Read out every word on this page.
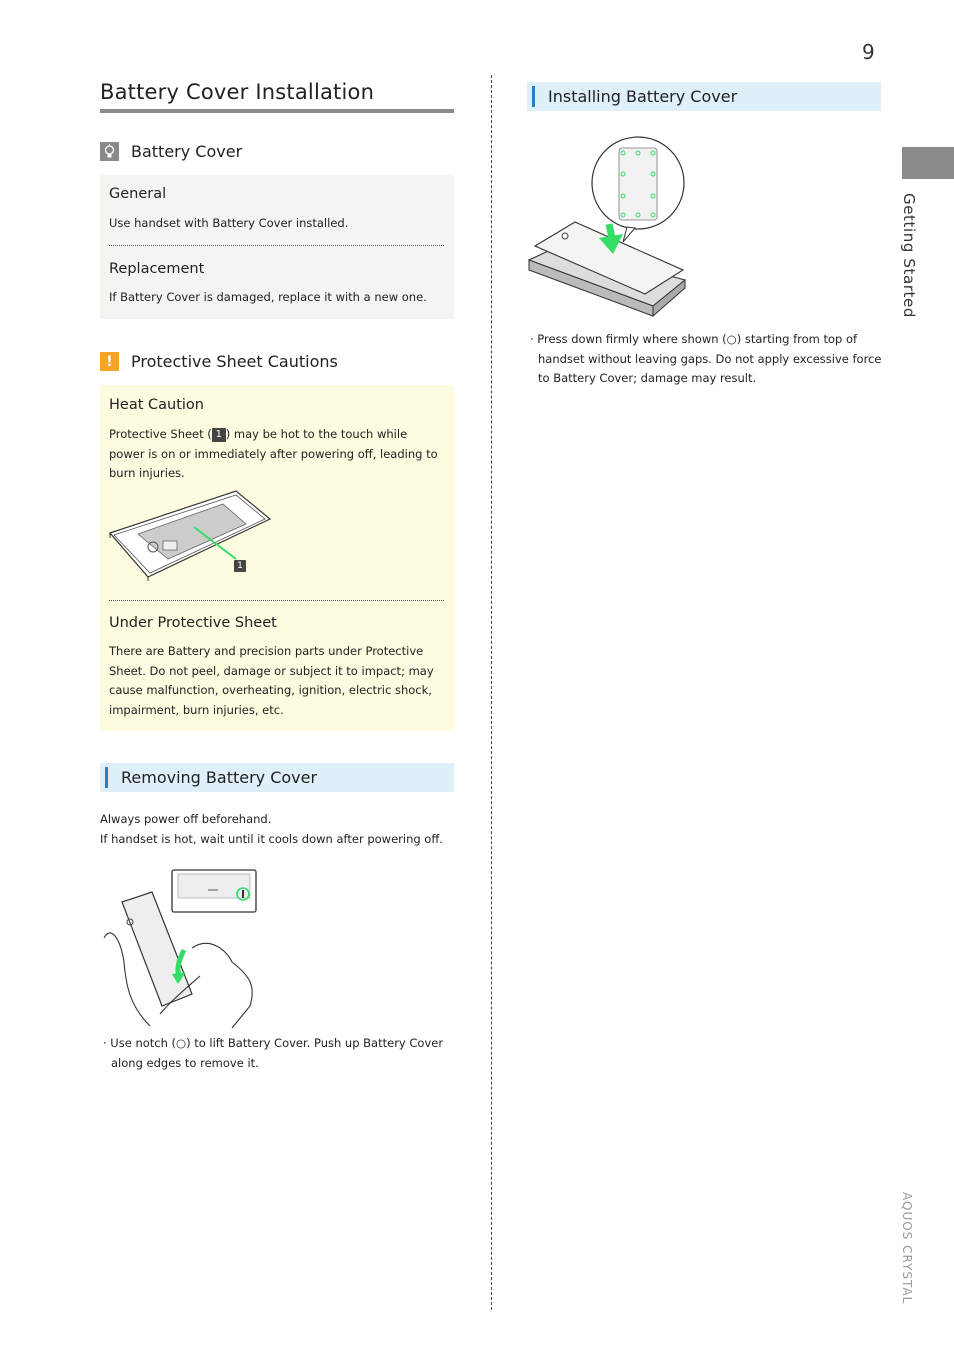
9
Battery Cover Installation
Getting Started
AQUOS CRYSTAL
Battery Cover
General
Use handset with Battery Cover installed.
Replacement
If Battery Cover is damaged, replace it with a new one.
!	Protective Sheet Cautions
Heat Caution
Protective Sheet ( 1 ) may be hot to the touch while
power is on or immediately after powering off, leading to
burn injuries.
1
Under Protective Sheet
There are Battery and precision parts under Protective
Sheet. Do not peel, damage or subject it to impact; may
cause malfunction, overheating, ignition, electric shock,
impairment, burn injuries, etc.
Removing Battery Cover
Always power off beforehand.
If handset is hot, wait until it cools down after powering off.
· Use notch (○) to lift Battery Cover. Push up Battery Cover
along edges to remove it.
Installing Battery Cover
· Press down firmly where shown (○) starting from top of
handset without leaving gaps. Do not apply excessive force
to Battery Cover; damage may result.
